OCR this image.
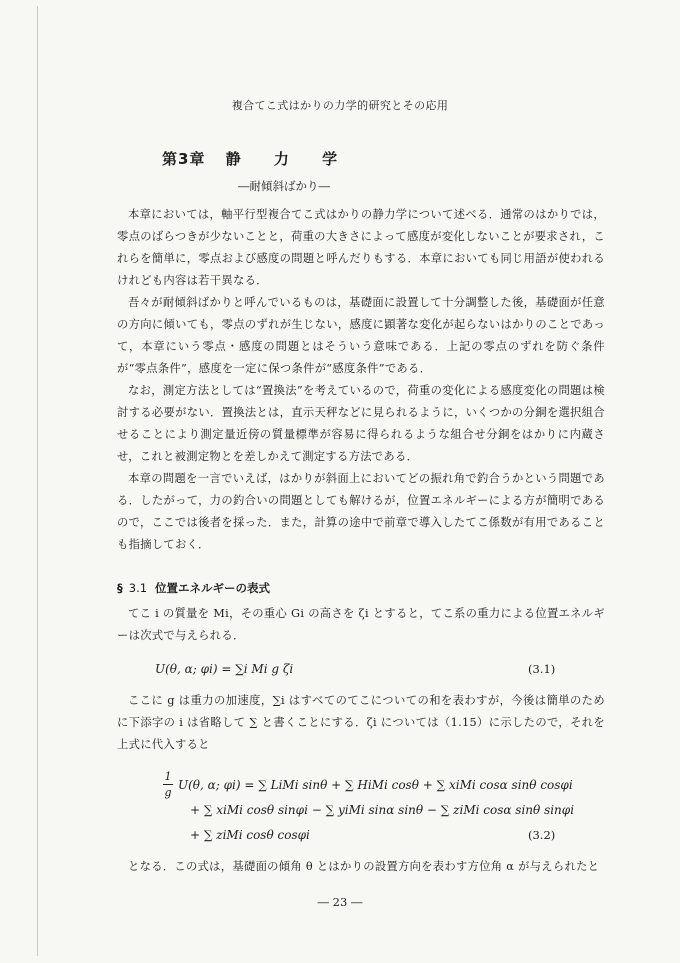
複合てこ式はかりの力学的研究とその応用
第3章 静 力 学
―耐傾斜ばかり―

本章においては，軸平行型複合てこ式はかりの静力学について述べる．通常のはかりでは，零点のばらつきが少ないことと，荷重の大きさによって感度が変化しないことが要求され，これらを簡単に，零点および感度の問題と呼んだりもする．本章においても同じ用語が使われるけれども内容は若干異なる．

吾々が耐傾斜ばかりと呼んでいるものは，基礎面に設置して十分調整した後，基礎面が任意の方向に傾いても，零点のずれが生じない，感度に顕著な変化が起らないはかりのことであって，本章にいう零点・感度の問題とはそういう意味である．上記の零点のずれを防ぐ条件が“零点条件”，感度を一定に保つ条件が“感度条件”である．

なお，測定方法としては“置換法”を考えているので，荷重の変化による感度変化の問題は検討する必要がない．置換法とは，直示天秤などに見られるように，いくつかの分銅を選択組合せることにより測定量近傍の質量標準が容易に得られるような組合せ分銅をはかりに内蔵させ，これと被測定物とを差しかえて測定する方法である．

本章の問題を一言でいえば，はかりが斜面上においてどの振れ角で釣合うかという問題である．したがって，力の釣合いの問題としても解けるが，位置エネルギーによる方が簡明であるので，ここでは後者を採った．また，計算の途中で前章で導入したてこ係数が有用であることも指摘しておく．

§ 3.1 位置エネルギーの表式

てこ i の質量を Mi，その重心 Gi の高さを ζi とすると，てこ系の重力による位置エネルギーは次式で与えられる．

U(θ, α; φi) = ∑i Mi g ζi	(3.1)

ここに g は重力の加速度，∑i はすべてのてこについての和を表わすが，今後は簡単のために下添字の i は省略して ∑ と書くことにする．ζi については（1.15）に示したので，それを上式に代入すると

1
g
U(θ, α; φi) = ∑ LiMi sinθ + ∑ HiMi cosθ + ∑ xiMi cosα sinθ cosφi
+ ∑ xiMi cosθ sinφi − ∑ yiMi sinα sinθ − ∑ ziMi cosα sinθ sinφi
+ ∑ ziMi cosθ cosφi	(3.2)

となる．この式は，基礎面の傾角 θ とはかりの設置方向を表わす方位角 α が与えられたと

― 23 ―
